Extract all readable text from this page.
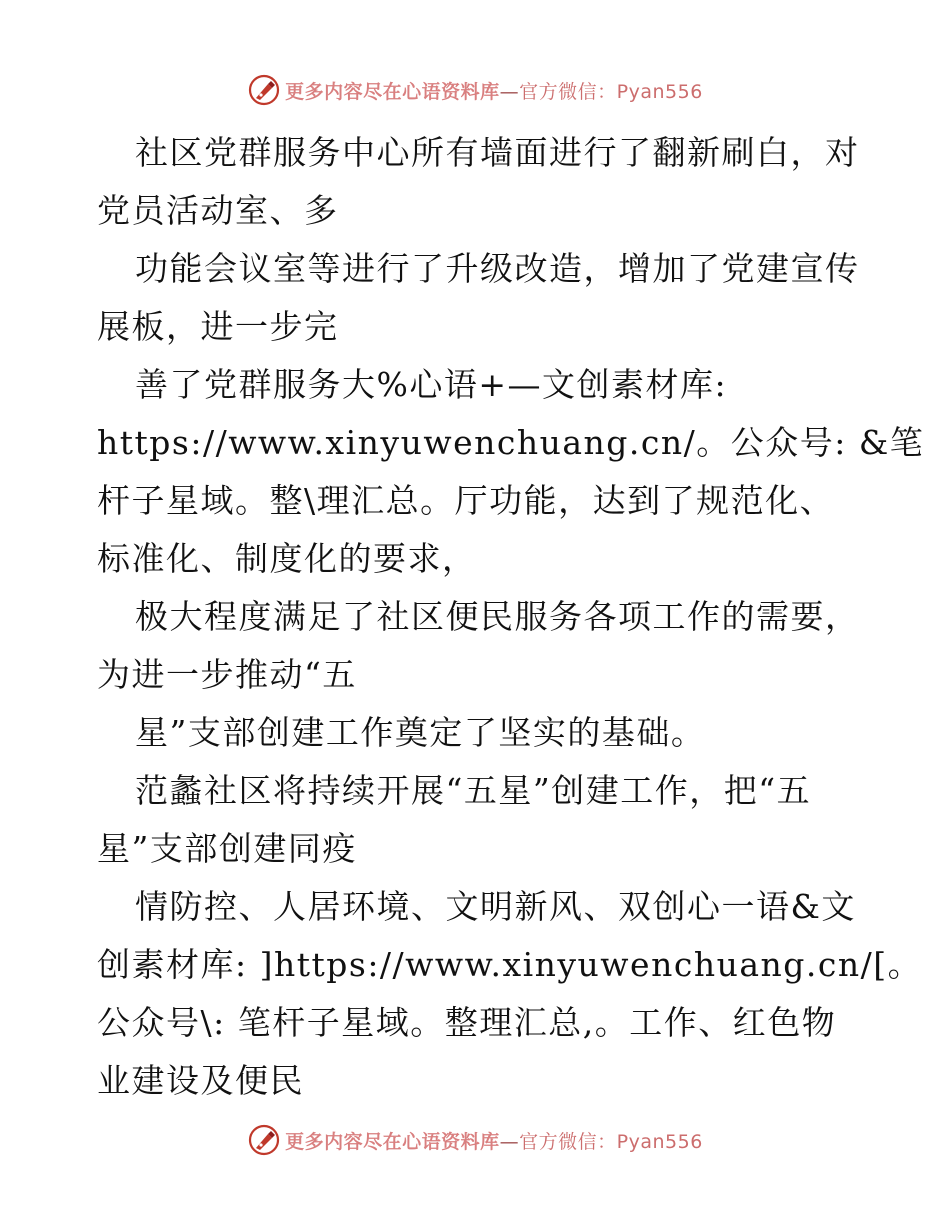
更多内容尽在心语资料库—官方微信：Pyan556
社区党群服务中心所有墙面进行了翻新刷白，对
党员活动室、多
功能会议室等进行了升级改造，增加了党建宣传
展板，进一步完
善了党群服务大%心语+—文创素材库:
https://www.xinyuwenchuang.cn/。公众号: &笔
杆子星域。整\理汇总。厅功能，达到了规范化、
标准化、制度化的要求，
极大程度满足了社区便民服务各项工作的需要，
为进一步推动“五
星”支部创建工作奠定了坚实的基础。
范蠡社区将持续开展“五星”创建工作，把“五
星”支部创建同疫
情防控、人居环境、文明新风、双创心一语&文
创素材库: ]https://www.xinyuwenchuang.cn/[。
公众号\: 笔杆子星域。整理汇总,。工作、红色物
业建设及便民
更多内容尽在心语资料库—官方微信：Pyan556
